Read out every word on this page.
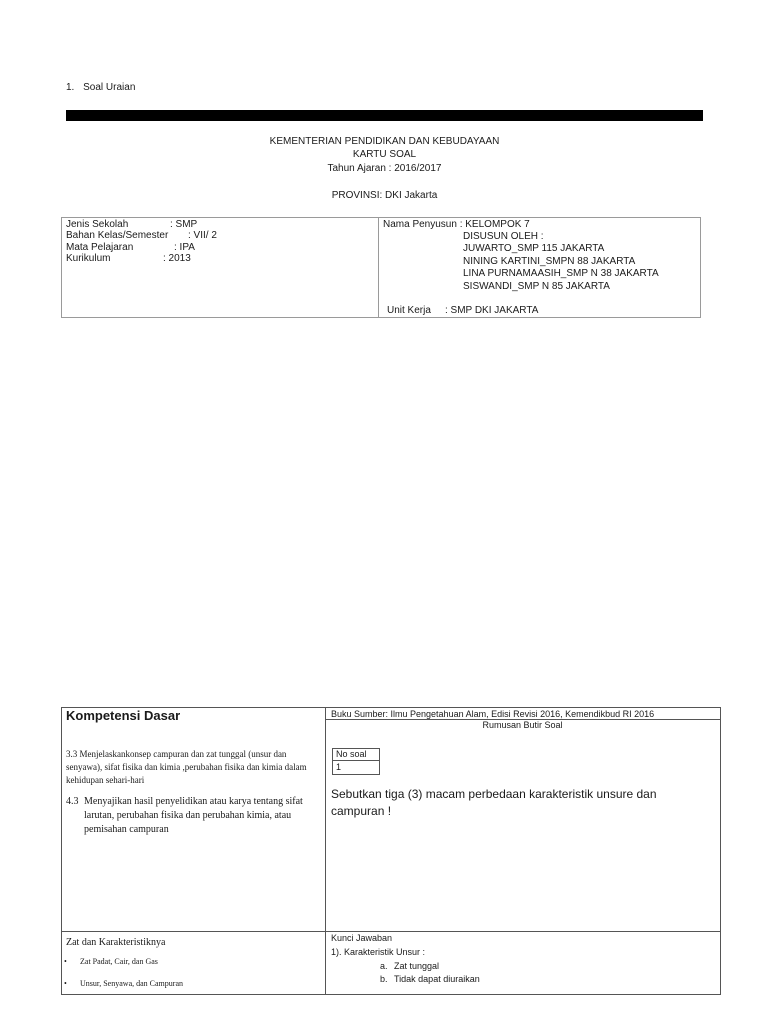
1. Soal Uraian
KEMENTERIAN PENDIDIKAN DAN KEBUDAYAAN
KARTU SOAL
Tahun Ajaran : 2016/2017
PROVINSI: DKI Jakarta
Jenis Sekolah	: SMP
Bahan Kelas/Semester : VII/ 2
Mata Pelajaran	: IPA
Kurikulum	: 2013
Nama Penyusun : KELOMPOK 7
DISUSUN OLEH :
JUWARTO_SMP 115 JAKARTA
NINING KARTINI_SMPN 88 JAKARTA
LINA PURNAMAASIH_SMP N 38 JAKARTA
SISWANDI_SMP N 85 JAKARTA
Unit Kerja : SMP DKI JAKARTA
Kompetensi Dasar
3.3 Menjelaskankonsep campuran dan zat tunggal (unsur dan senyawa), sifat fisika dan kimia ,perubahan fisika dan kimia dalam kehidupan sehari-hari
4.3 Menyajikan hasil penyelidikan atau karya tentang sifat larutan, perubahan fisika dan perubahan kimia, atau pemisahan campuran
Buku Sumber: Ilmu Pengetahuan Alam, Edisi Revisi 2016, Kemendikbud RI 2016
Rumusan Butir Soal
No soal
1
Sebutkan tiga (3) macam perbedaan karakteristik unsure dan campuran !
Zat dan Karakteristiknya
• Zat Padat, Cair, dan Gas
• Unsur, Senyawa, dan Campuran
Kunci Jawaban
1). Karakteristik Unsur :
a. Zat tunggal
b. Tidak dapat diuraikan
